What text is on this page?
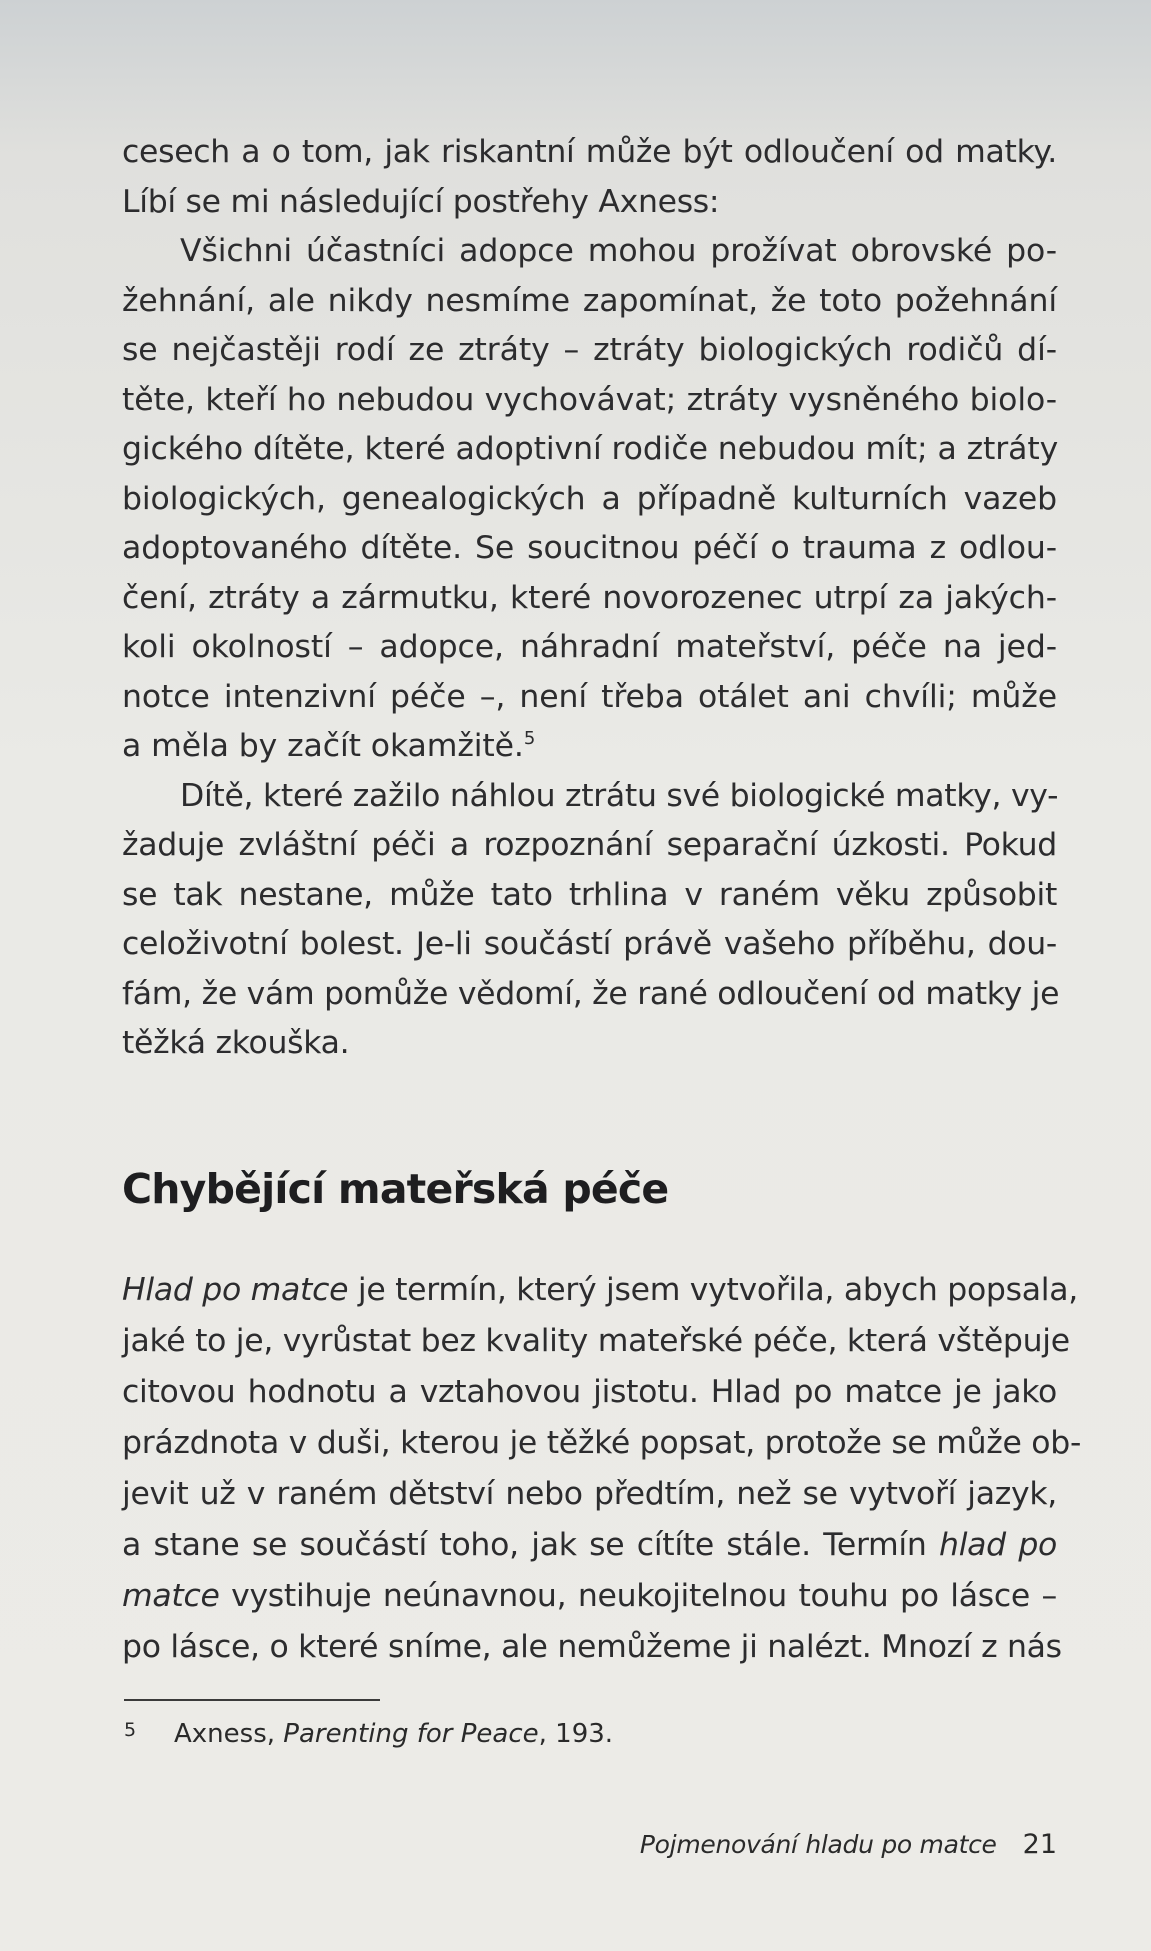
cesech a o tom, jak riskantní může být odloučení od matky.
Líbí se mi následující postřehy Axness:
Všichni účastníci adopce mohou prožívat obrovské po-
žehnání, ale nikdy nesmíme zapomínat, že toto požehnání
se nejčastěji rodí ze ztráty – ztráty biologických rodičů dí-
těte, kteří ho nebudou vychovávat; ztráty vysněného biolo-
gického dítěte, které adoptivní rodiče nebudou mít; a ztráty
biologických, genealogických a případně kulturních vazeb
adoptovaného dítěte. Se soucitnou péčí o trauma z odlou-
čení, ztráty a zármutku, které novorozenec utrpí za jakých-
koli okolností – adopce, náhradní mateřství, péče na jed-
notce intenzivní péče –, není třeba otálet ani chvíli; může
a měla by začít okamžitě.$^5$
Dítě, které zažilo náhlou ztrátu své biologické matky, vy-
žaduje zvláštní péči a rozpoznání separační úzkosti. Pokud
se tak nestane, může tato trhlina v raném věku způsobit
celoživotní bolest. Je-li součástí právě vašeho příběhu, dou-
fám, že vám pomůže vědomí, že rané odloučení od matky je
těžká zkouška.
Chybějící mateřská péče
Hlad po matce je termín, který jsem vytvořila, abych popsala,
jaké to je, vyrůstat bez kvality mateřské péče, která vštěpuje
citovou hodnotu a vztahovou jistotu. Hlad po matce je jako
prázdnota v duši, kterou je těžké popsat, protože se může ob-
jevit už v raném dětství nebo předtím, než se vytvoří jazyk,
a stane se součástí toho, jak se cítíte stále. Termín hlad po
matce vystihuje neúnavnou, neukojitelnou touhu po lásce –
po lásce, o které sníme, ale nemůžeme ji nalézt. Mnozí z nás
5 Axness, Parenting for Peace, 193.
Pojmenování hladu po matce 21
